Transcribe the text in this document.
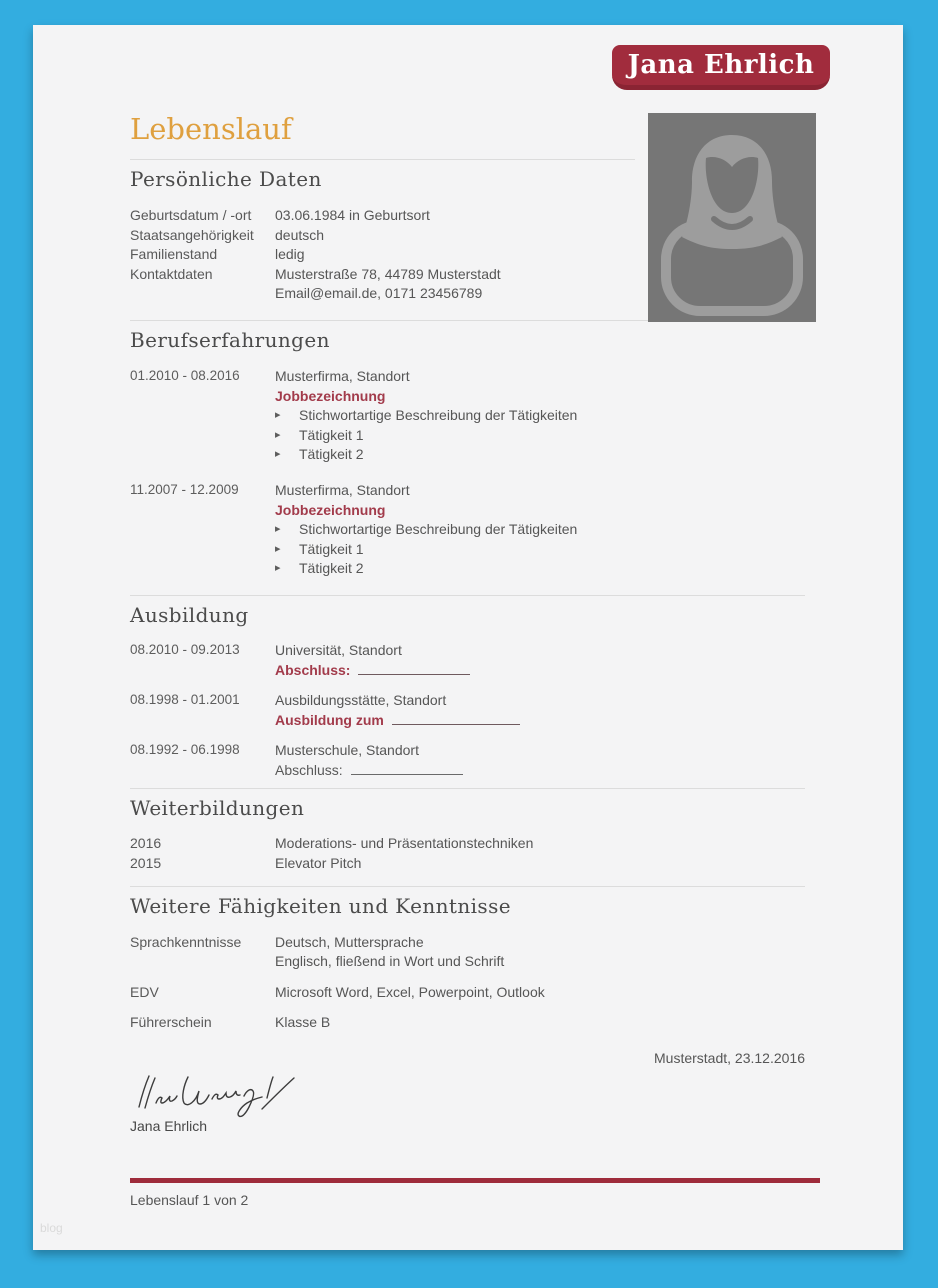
Jana Ehrlich
Lebenslauf
Persönliche Daten
Geburtsdatum / -ort	03.06.1984 in Geburtsort
Staatsangehörigkeit	deutsch
Familienstand	ledig
Kontaktdaten	Musterstraße 78, 44789 Musterstadt
Email@email.de, 0171 23456789
Berufserfahrungen
01.2010 - 08.2016	Musterfirma, Standort
Jobbezeichnung
▸	Stichwortartige Beschreibung der Tätigkeiten
▸	Tätigkeit 1
▸	Tätigkeit 2
11.2007 - 12.2009	Musterfirma, Standort
Jobbezeichnung
▸	Stichwortartige Beschreibung der Tätigkeiten
▸	Tätigkeit 1
▸	Tätigkeit 2
Ausbildung
08.2010 - 09.2013	Universität, Standort
Abschluss:
08.1998 - 01.2001	Ausbildungsstätte, Standort
Ausbildung zum
08.1992 - 06.1998	Musterschule, Standort
Abschluss:
Weiterbildungen
2016	Moderations- und Präsentationstechniken
2015	Elevator Pitch
Weitere Fähigkeiten und Kenntnisse
Sprachkenntnisse	Deutsch, Muttersprache
Englisch, fließend in Wort und Schrift
EDV	Microsoft Word, Excel, Powerpoint, Outlook
Führerschein	Klasse B
Musterstadt, 23.12.2016
Jana Ehrlich
Lebenslauf 1 von 2
blog
